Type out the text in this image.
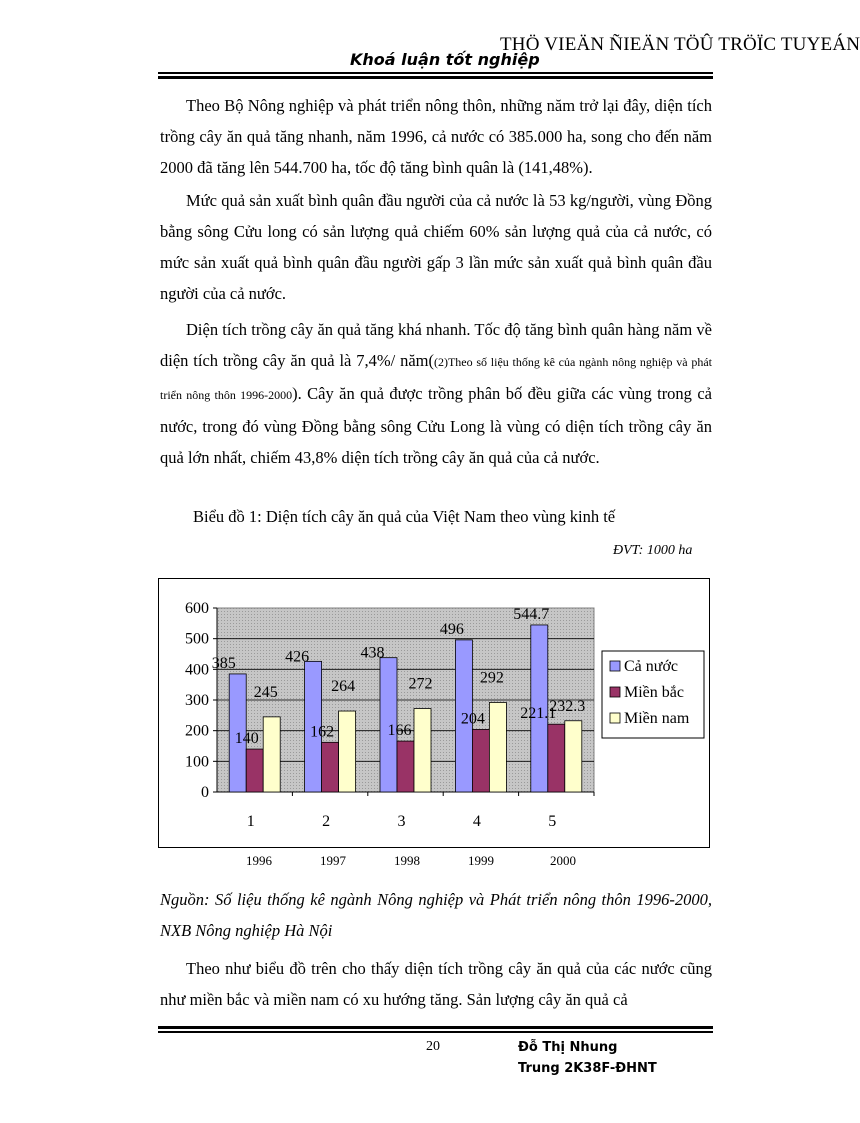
THÖ VIEÄN ÑIEÄN TÖÛ TRÖÏC TUYEÁN
Khoá luận tốt nghiệp
Theo Bộ Nông nghiệp và phát triển nông thôn, những năm trở lại đây, diện tích trồng cây ăn quả tăng nhanh, năm 1996, cả nước có 385.000 ha, song cho đến năm 2000 đã tăng lên 544.700 ha, tốc độ tăng bình quân là (141,48%).
Mức quả sản xuất bình quân đầu người của cả nước là 53 kg/người, vùng Đồng bằng sông Cửu long có sản lượng quả chiếm 60% sản lượng quả của cả nước, có mức sản xuất quả bình quân đầu người gấp 3 lần mức sản xuất quả bình quân đầu người của cả nước.
Diện tích trồng cây ăn quả tăng khá nhanh. Tốc độ tăng bình quân hàng năm về diện tích trồng cây ăn quả là 7,4%/ năm((2)Theo số liệu thống kê của ngành nông nghiệp và phát triển nông thôn 1996-2000). Cây ăn quả được trồng phân bố đều giữa các vùng trong cả nước, trong đó vùng Đồng bằng sông Cửu Long là vùng có diện tích trồng cây ăn quả lớn nhất, chiếm 43,8% diện tích trồng cây ăn quả của cả nước.
Biểu đồ 1: Diện tích cây ăn quả của Việt Nam theo vùng kinh tế
ĐVT: 1000 ha
0
100
200
300
400
500
600
385	426	438
496
544.7
140	162	166
204 221.1
245	264	272	292
232.3
1	2	3	4	5
Cả nước
Miền bắc
Miền nam
1996	1997	1998	1999	2000
Nguồn: Số liệu thống kê ngành Nông nghiệp và Phát triển nông thôn 1996-2000, NXB Nông nghiệp Hà Nội
Theo như biểu đồ trên cho thấy diện tích trồng cây ăn quả của các nước cũng như miền bắc và miền nam có xu hướng tăng. Sản lượng cây ăn quả cả
20	Đỗ Thị Nhung
Trung 2K38F-ĐHNT
